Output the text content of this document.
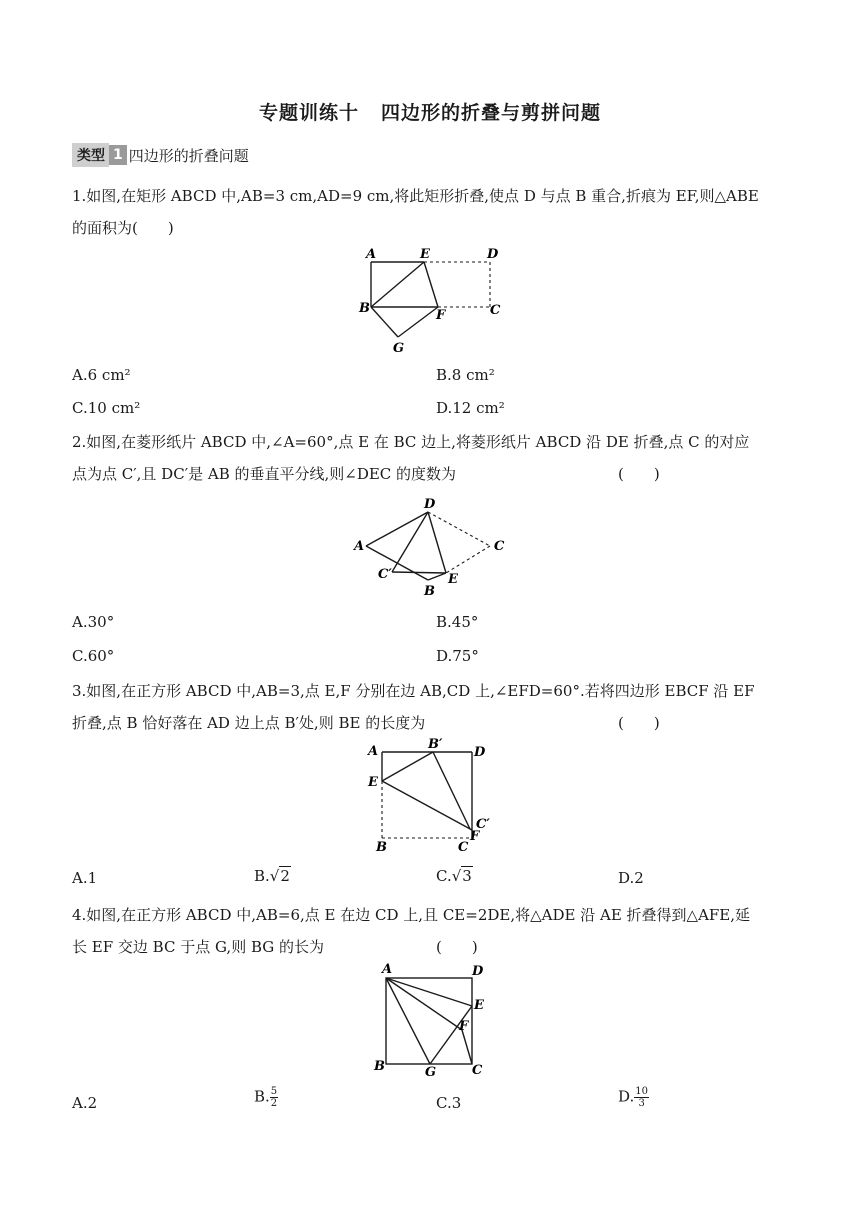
专题训练十 四边形的折叠与剪拼问题
类型 1 四边形的折叠问题
1.如图,在矩形 ABCD 中,AB=3 cm,AD=9 cm,将此矩形折叠,使点 D 与点 B 重合,折痕为 EF,则△ABE
的面积为(　　)
A	E	D
B	F	C
G
A.6 cm²	B.8 cm²
C.10 cm²	D.12 cm²
2.如图,在菱形纸片 ABCD 中,∠A=60°,点 E 在 BC 边上,将菱形纸片 ABCD 沿 DE 折叠,点 C 的对应
点为点 C′,且 DC′是 AB 的垂直平分线,则∠DEC 的度数为	(　　)
D
A	C
C′	E
B
A.30°	B.45°
C.60°	D.75°
3.如图,在正方形 ABCD 中,AB=3,点 E,F 分别在边 AB,CD 上,∠EFD=60°.若将四边形 EBCF 沿 EF
折叠,点 B 恰好落在 AD 边上点 B′处,则 BE 的长度为	(　　)
A	B′
D
E
C′
F
B	C
A.1	B.√2	C.√3	D.2
4.如图,在正方形 ABCD 中,AB=6,点 E 在边 CD 上,且 CE=2DE,将△ADE 沿 AE 折叠得到△AFE,延
长 EF 交边 BC 于点 G,则 BG 的长为	(　　)
A	D
E
F
B	G	C
A.2	B. $\frac{5}{2}$	C.3	D. $\frac{10}{3}$
